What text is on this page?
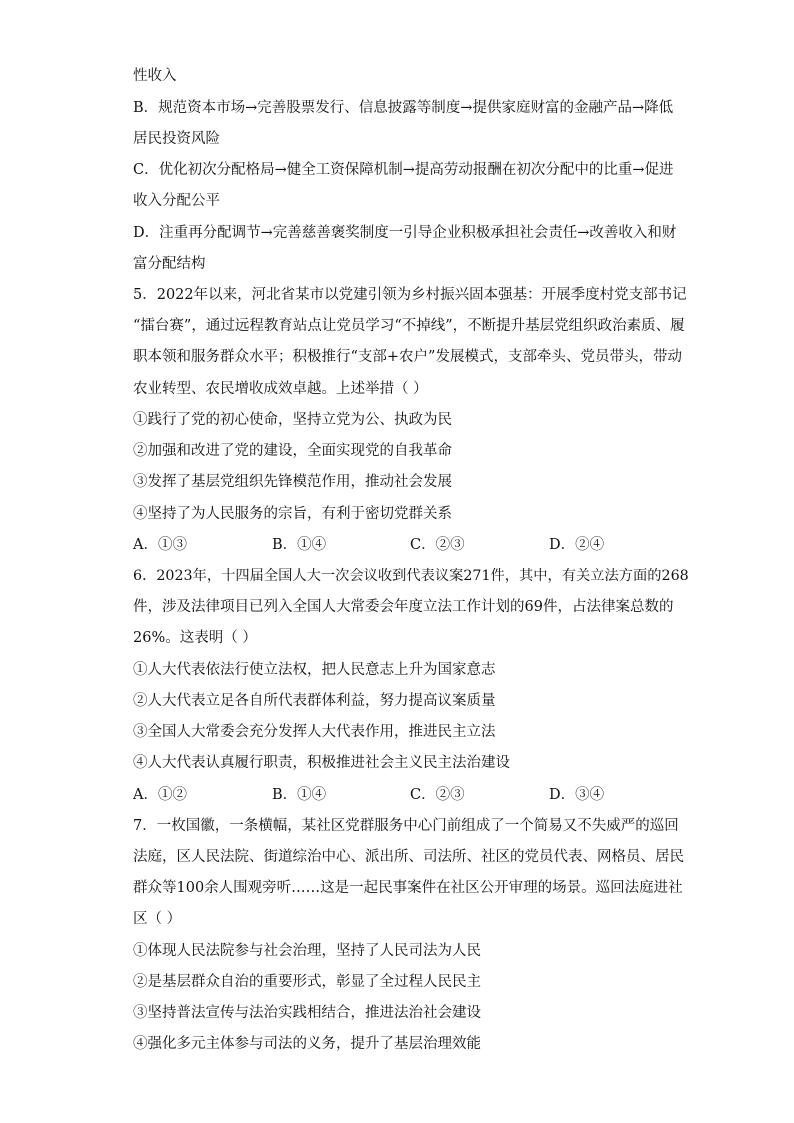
性收入
B．规范资本市场→完善股票发行、信息披露等制度→提供家庭财富的金融产品→降低
居民投资风险
C．优化初次分配格局→健全工资保障机制→提高劳动报酬在初次分配中的比重→促进
收入分配公平
D．注重再分配调节→完善慈善褒奖制度一引导企业积极承担社会责任→改善收入和财
富分配结构
5．2022年以来，河北省某市以党建引领为乡村振兴固本强基：开展季度村党支部书记
“擂台赛”，通过远程教育站点让党员学习“不掉线”，不断提升基层党组织政治素质、履
职本领和服务群众水平；积极推行“支部+农户”发展模式，支部牵头、党员带头，带动
农业转型、农民增收成效卓越。上述举措（ ）
①践行了党的初心使命，坚持立党为公、执政为民
②加强和改进了党的建设，全面实现党的自我革命
③发挥了基层党组织先锋模范作用，推动社会发展
④坚持了为人民服务的宗旨，有利于密切党群关系
A．①③	B．①④	C．②③	D．②④
6．2023年，十四届全国人大一次会议收到代表议案271件，其中，有关立法方面的268
件，涉及法律项目已列入全国人大常委会年度立法工作计划的69件，占法律案总数的
26%。这表明（ ）
①人大代表依法行使立法权，把人民意志上升为国家意志
②人大代表立足各自所代表群体利益，努力提高议案质量
③全国人大常委会充分发挥人大代表作用，推进民主立法
④人大代表认真履行职责，积极推进社会主义民主法治建设
A．①②	B．①④	C．②③	D．③④
7．一枚国徽，一条横幅，某社区党群服务中心门前组成了一个简易又不失威严的巡回
法庭，区人民法院、街道综治中心、派出所、司法所、社区的党员代表、网格员、居民
群众等100余人围观旁听……这是一起民事案件在社区公开审理的场景。巡回法庭进社
区（ ）
①体现人民法院参与社会治理，坚持了人民司法为人民
②是基层群众自治的重要形式，彰显了全过程人民民主
③坚持普法宣传与法治实践相结合，推进法治社会建设
④强化多元主体参与司法的义务，提升了基层治理效能
